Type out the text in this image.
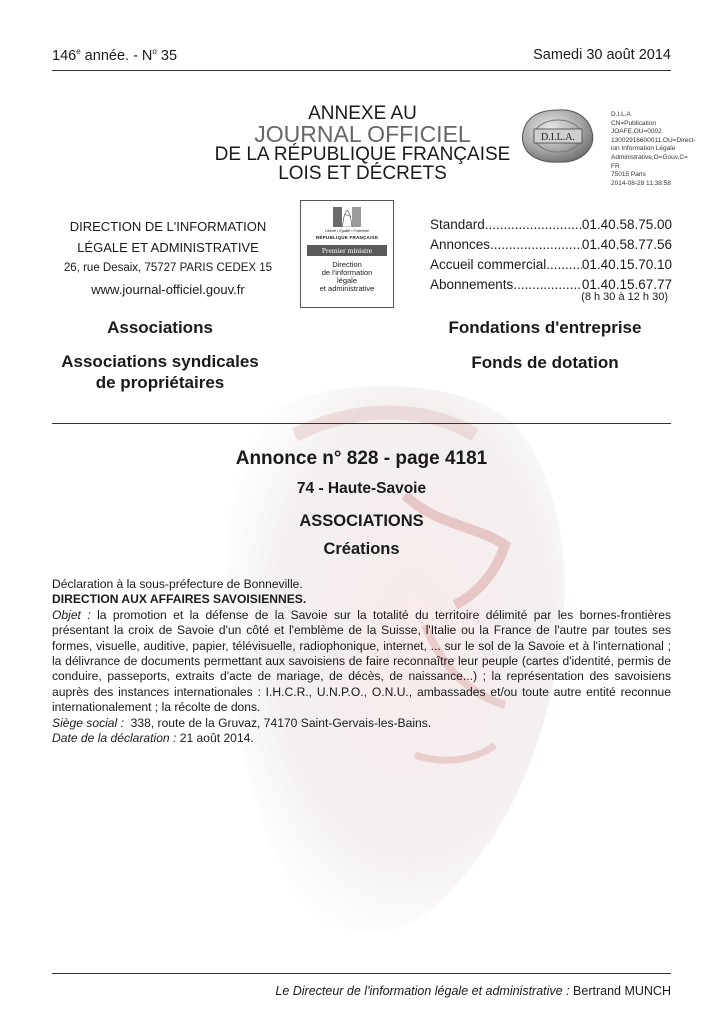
146e année. - $N^o$ 35	Samedi 30 août 2014
ANNEXE AU
JOURNAL OFFICIEL
DE LA RÉPUBLIQUE FRANÇAISE
LOIS ET DÉCRETS
D.I.L.A.
D.I.L.A
CN=Publication
JOAFE,OU=0002
13002916600011,OU=Direct-
ion Information Légale
Administrative,O=Gouv,C=
FR
75015 Paris
2014-08-28 11:38:58
DIRECTION DE L'INFORMATION
LÉGALE ET ADMINISTRATIVE
26, rue Desaix, 75727 PARIS CEDEX 15
www.journal-officiel.gouv.fr
Liberté • Égalité • Fraternité
RÉPUBLIQUE FRANÇAISE
Premier ministre
Direction
de l'information
légale
et administrative
Standard .....	01.40.58.75.00
Annonces .....	01.40.58.77.56
Accueil commercial .....	01.40.15.70.10
Abonnements .....	01.40.15.67.77
(8 h 30 à 12 h 30)
Associations
Associations syndicales
de propriétaires
Fondations d'entreprise
Fonds de dotation
Annonce n° 828 - page 4181
74 - Haute-Savoie
ASSOCIATIONS
Créations

Déclaration à la sous-préfecture de Bonneville.

DIRECTION AUX AFFAIRES SAVOISIENNES.

Objet : la promotion et la défense de la Savoie sur la totalité du territoire délimité par les bornes-frontières présentant la croix de Savoie d'un côté et l'emblème de la Suisse, l'Italie ou la France de l'autre par toutes ses formes, visuelle, auditive, papier, télévisuelle, radiophonique, internet, ... sur le sol de la Savoie et à l'international ; la délivrance de documents permettant aux savoisiens de faire reconnaître leur peuple (cartes d'identité, permis de conduire, passeports, extraits d'acte de mariage, de décès, de naissance...) ; la représentation des savoisiens auprès des instances internationales : I.H.C.R., U.N.P.O., O.N.U., ambassades et/ou toute autre entité reconnue internationalement ; la récolte de dons.

Siège social :  338, route de la Gruvaz, 74170 Saint-Gervais-les-Bains.

Date de la déclaration : 21 août 2014.

Le Directeur de l'information légale et administrative : Bertrand MUNCH
